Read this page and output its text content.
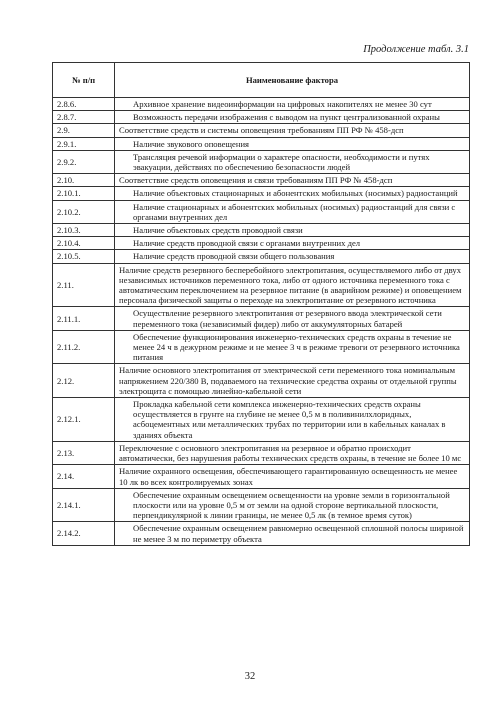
Продолжение табл. 3.1
№ п/п	Наименование фактора
2.8.6.	Архивное хранение видеоинформации на цифровых накопителях не менее 30 сут
2.8.7.	Возможность передачи изображения с выводом на пункт централизованной охраны
2.9.	Соответствие средств и системы оповещения требованиям ПП РФ № 458-дсп
2.9.1.	Наличие звукового оповещения
2.9.2.	Трансляция речевой информации о характере опасности, необходимости и путях эвакуации, действиях по обеспечению безопасности людей
2.10.	Соответствие средств оповещения и связи требованиям ПП РФ № 458-дсп
2.10.1.	Наличие объектовых стационарных и абонентских мобильных (носимых) радиостанций
2.10.2.	Наличие стационарных и абонентских мобильных (носимых) радиостанций для связи с органами внутренних дел
2.10.3.	Наличие объектовых средств проводной связи
2.10.4.	Наличие средств проводной связи с органами внутренних дел
2.10.5.	Наличие средств проводной связи общего пользования
2.11.	Наличие средств резервного бесперебойного электропитания, осуществляемого либо от двух независимых источников переменного тока, либо от одного источника переменного тока с автоматическим переключением на резервное питание (в аварийном режиме) и оповещением персонала физической защиты о переходе на электропитание от резервного источника
2.11.1.	Осуществление резервного электропитания от резервного ввода электрической сети переменного тока (независимый фидер) либо от аккумуляторных батарей
2.11.2.	Обеспечение функционирования инженерно-технических средств охраны в течение не менее 24 ч в дежурном режиме и не менее 3 ч в режиме тревоги от резервного источника питания
2.12.	Наличие основного электропитания от электрической сети переменного тока номинальным напряжением 220/380 В, подаваемого на технические средства охраны от отдельной группы электрощита с помощью линейно-кабельной сети
2.12.1.	Прокладка кабельной сети комплекса инженерно-технических средств охраны осуществляется в грунте на глубине не менее 0,5 м в поливинилхлоридных, асбоцементных или металлических трубах по территории или в кабельных каналах в зданиях объекта
2.13.	Переключение с основного электропитания на резервное и обратно происходит автоматически, без нарушения работы технических средств охраны, в течение не более 10 мс
2.14.	Наличие охранного освещения, обеспечивающего гарантированную освещенность не менее 10 лк во всех контролируемых зонах
2.14.1.	Обеспечение охранным освещением освещенности на уровне земли в горизонтальной плоскости или на уровне 0,5 м от земли на одной стороне вертикальной плоскости, перпендикулярной к линии границы, не менее 0,5 лк (в темное время суток)
2.14.2.	Обеспечение охранным освещением равномерно освещенной сплошной полосы шириной не менее 3 м по периметру объекта
32
